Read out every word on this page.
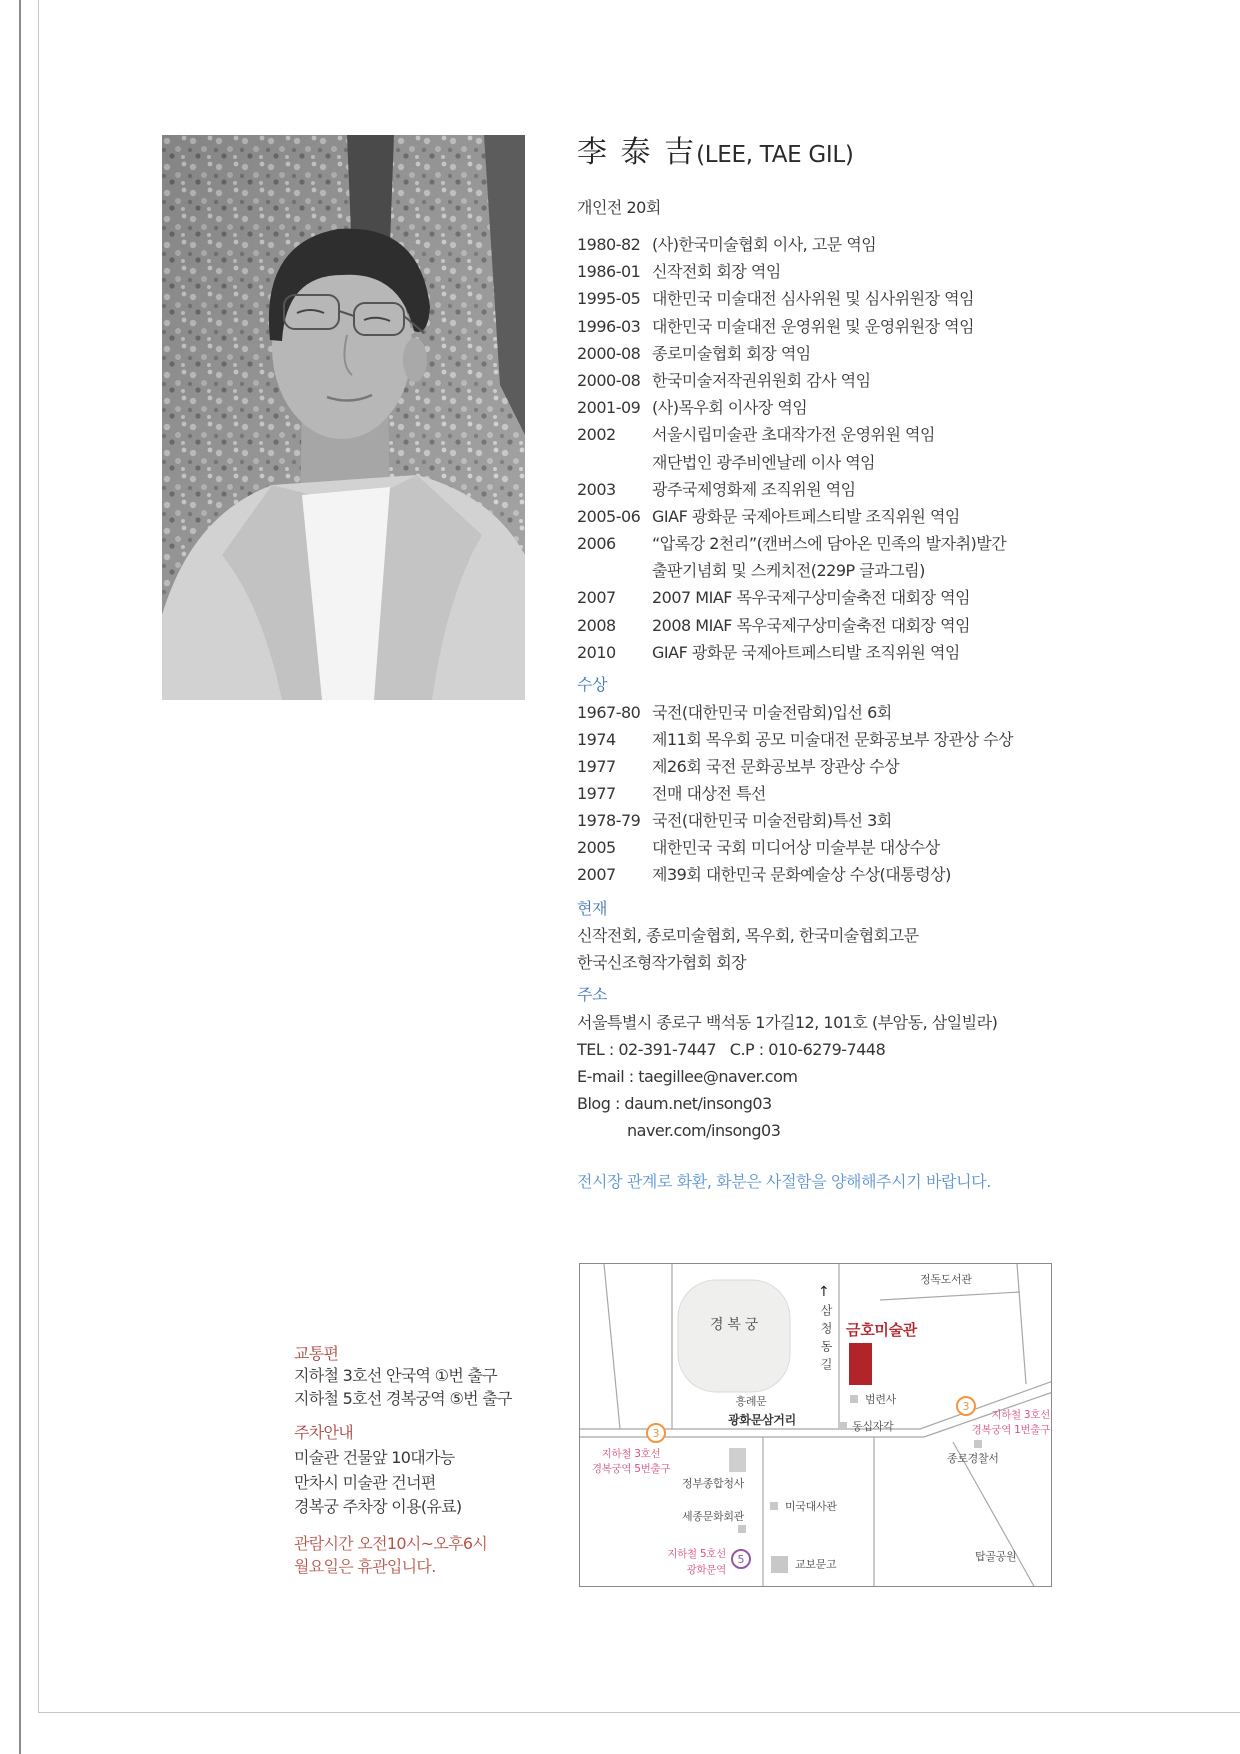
李 泰 吉(LEE, TAE GIL)
개인전 20회
1980-82 (사)한국미술협회 이사, 고문 역임
1986-01 신작전회 회장 역임
1995-05 대한민국 미술대전 심사위원 및 심사위원장 역임
1996-03 대한민국 미술대전 운영위원 및 운영위원장 역임
2000-08 종로미술협회 회장 역임
2000-08 한국미술저작권위원회 감사 역임
2001-09 (사)목우회 이사장 역임
2002 서울시립미술관 초대작가전 운영위원 역임
재단법인 광주비엔날레 이사 역임
2003 광주국제영화제 조직위원 역임
2005-06 GIAF 광화문 국제아트페스티발 조직위원 역임
2006 “압록강 2천리”(캔버스에 담아온 민족의 발자취)발간
출판기념회 및 스케치전(229P 글과그림)
2007 2007 MIAF 목우국제구상미술축전 대회장 역임
2008 2008 MIAF 목우국제구상미술축전 대회장 역임
2010 GIAF 광화문 국제아트페스티발 조직위원 역임
수상
1967-80 국전(대한민국 미술전람회)입선 6회
1974 제11회 목우회 공모 미술대전 문화공보부 장관상 수상
1977 제26회 국전 문화공보부 장관상 수상
1977 전매 대상전 특선
1978-79 국전(대한민국 미술전람회)특선 3회
2005 대한민국 국회 미디어상 미술부분 대상수상
2007 제39회 대한민국 문화예술상 수상(대통령상)
현재
신작전회, 종로미술협회, 목우회, 한국미술협회고문
한국신조형작가협회 회장
주소
서울특별시 종로구 백석동 1가길12, 101호 (부암동, 삼일빌라)
TEL : 02-391-7447   C.P : 010-6279-7448
E-mail : taegillee@naver.com
Blog : daum.net/insong03
naver.com/insong03
전시장 관계로 화환, 화분은 사절함을 양해해주시기 바랍니다.
교통편
지하철 3호선 안국역 ①번 출구
지하철 5호선 경복궁역 ⑤번 출구
주차안내
미술관 건물앞 10대가능
만차시 미술관 건너편
경복궁 주차장 이용(유료)
관람시간 오전10시~오후6시
월요일은 휴관입니다.
3
3
5
경 복 궁
↑
삼청동길
정독도서관
금호미술관
범련사
동십자각
흥례문
광화문삼거리
지하철 3호선
경복궁역 5번출구
지하철 3호선
경복궁역 1번출구
정부종합청사
미국대사관
세종문화회관
지하철 5호선
광화문역	교보문고
종로경찰서
탑골공원
